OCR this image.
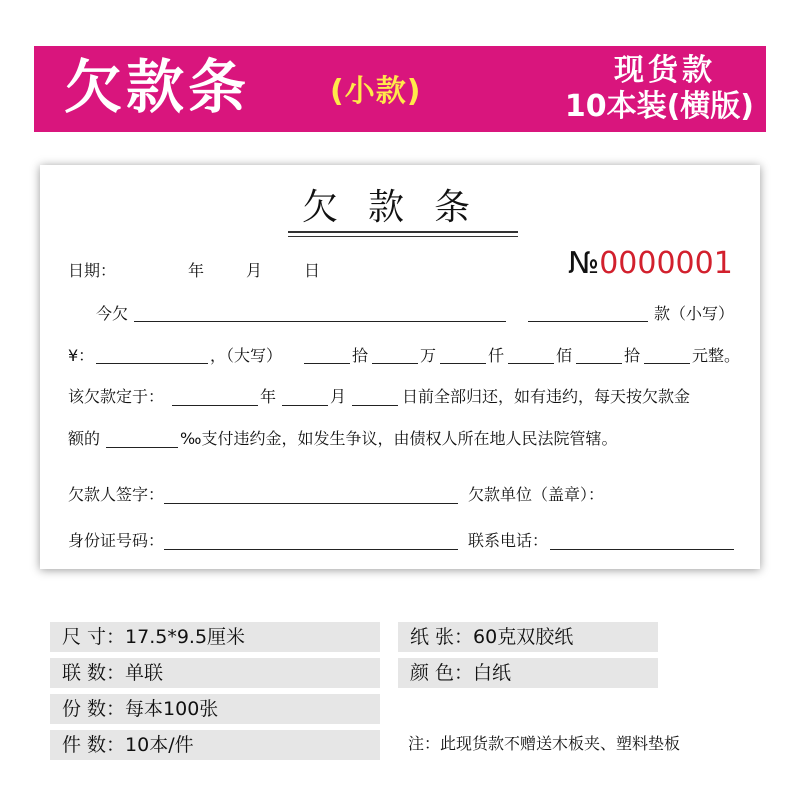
欠款条	(小款)
现货款
10本装(横版)
欠款条
日期：	年	月	日	№0000001
今欠	款（小写）
¥：	，（大写）	拾	万	仟	佰	拾	元整。
该欠款定于：	年	月	日前全部归还，如有违约，每天按欠款金
额的	‰支付违约金，如发生争议，由债权人所在地人民法院管辖。
欠款人签字：	欠款单位（盖章）：
身份证号码：	联系电话：
尺 寸：17.5*9.5厘米	纸 张：60克双胶纸
联 数：单联	颜 色：白纸
份 数：每本100张
件 数：10本/件	注：此现货款不赠送木板夹、塑料垫板
